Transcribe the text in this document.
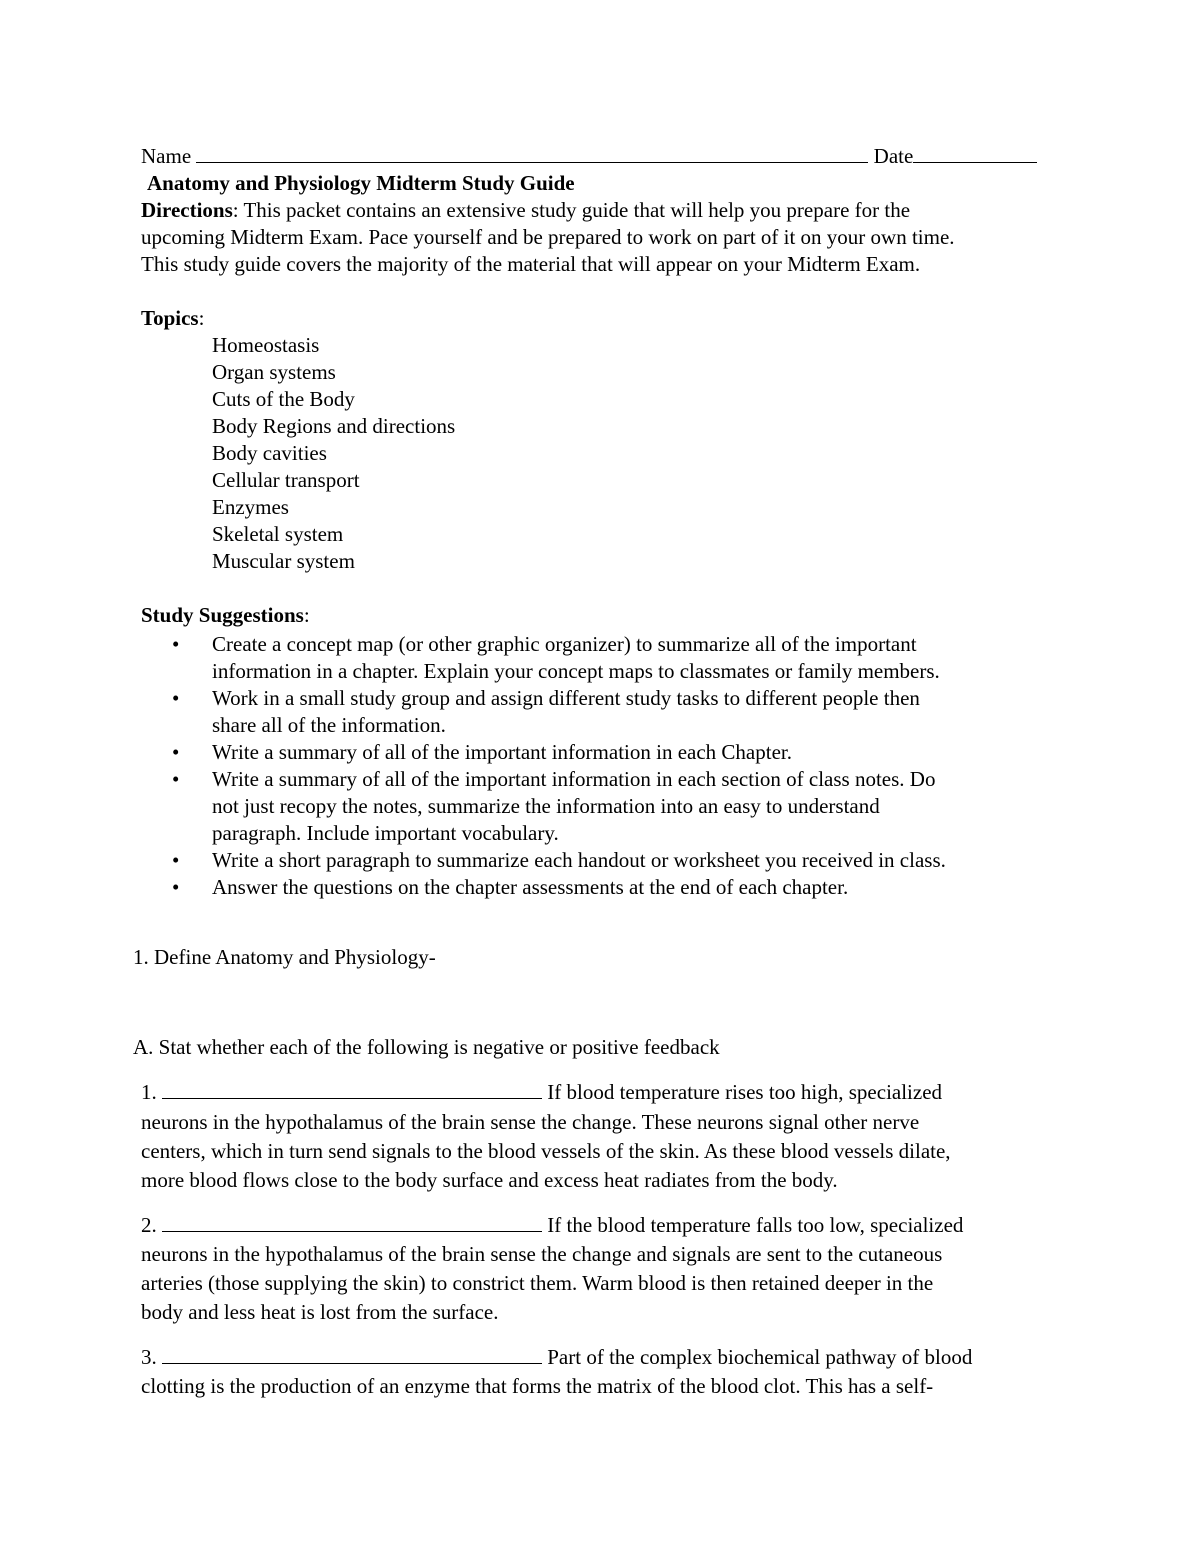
Name	Date
Anatomy and Physiology Midterm Study Guide
Directions: This packet contains an extensive study guide that will help you prepare for the
upcoming Midterm Exam. Pace yourself and be prepared to work on part of it on your own time.
This study guide covers the majority of the material that will appear on your Midterm Exam.
Topics:
Homeostasis
Organ systems
Cuts of the Body
Body Regions and directions
Body cavities
Cellular transport
Enzymes
Skeletal system
Muscular system
Study Suggestions:
• Create a concept map (or other graphic organizer) to summarize all of the important
information in a chapter. Explain your concept maps to classmates or family members.
• Work in a small study group and assign different study tasks to different people then
share all of the information.
• Write a summary of all of the important information in each Chapter.
• Write a summary of all of the important information in each section of class notes. Do
not just recopy the notes, summarize the information into an easy to understand
paragraph. Include important vocabulary.
• Write a short paragraph to summarize each handout or worksheet you received in class.
• Answer the questions on the chapter assessments at the end of each chapter.
1. Define Anatomy and Physiology-
A. Stat whether each of the following is negative or positive feedback
1.	If blood temperature rises too high, specialized
neurons in the hypothalamus of the brain sense the change. These neurons signal other nerve
centers, which in turn send signals to the blood vessels of the skin. As these blood vessels dilate,
more blood flows close to the body surface and excess heat radiates from the body.
2.	If the blood temperature falls too low, specialized
neurons in the hypothalamus of the brain sense the change and signals are sent to the cutaneous
arteries (those supplying the skin) to constrict them. Warm blood is then retained deeper in the
body and less heat is lost from the surface.
3.	Part of the complex biochemical pathway of blood
clotting is the production of an enzyme that forms the matrix of the blood clot. This has a self-
